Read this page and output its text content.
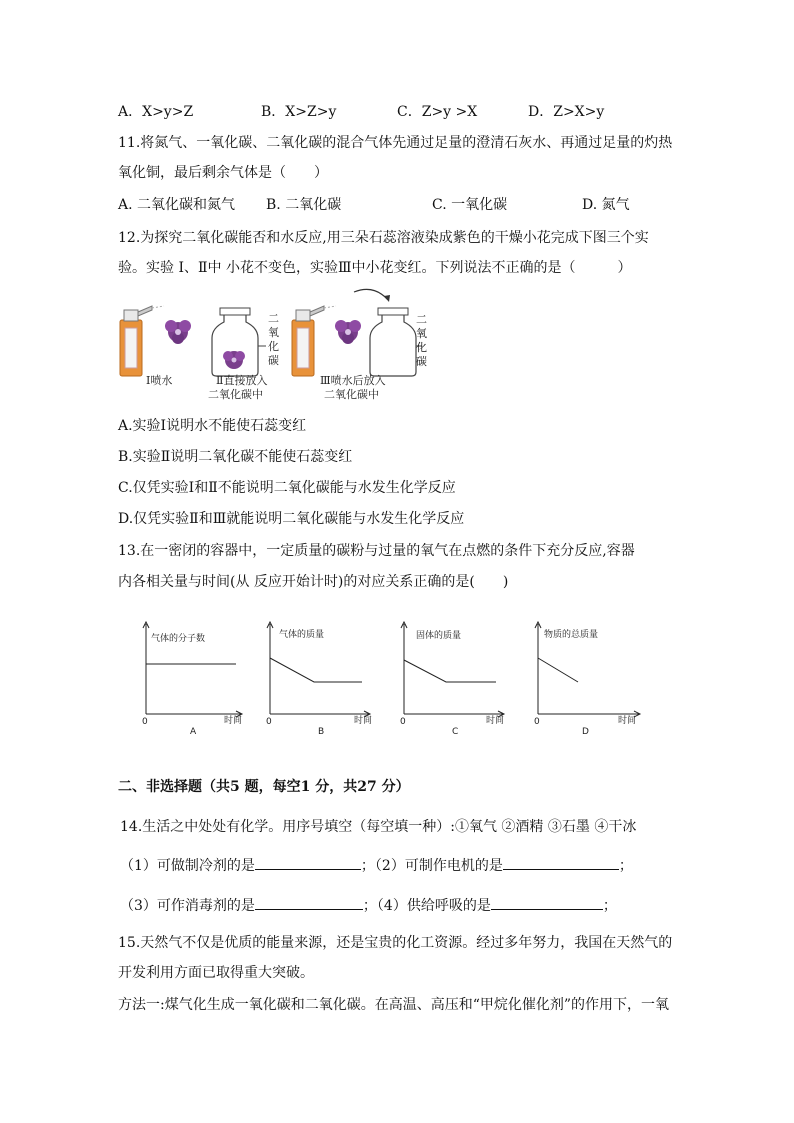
A．X>y>Z	B．X>Z>y	C．Z>y >X	D．Z>X>y
11.将氮气、一氧化碳、二氧化碳的混合气体先通过足量的澄清石灰水、再通过足量的灼热
氧化铜，最后剩余气体是（　　）
A. 二氧化碳和氮气 B. 二氧化碳	C. 一氧化碳	D. 氮气
12.为探究二氧化碳能否和水反应,用三朵石蕊溶液染成紫色的干燥小花完成下图三个实
验。实验 Ⅰ、Ⅱ中 小花不变色，实验Ⅲ中小花变红。下列说法不正确的是（　　　）
Ⅰ喷水
二
氧
化
碳
Ⅱ直接放入
二氧化碳中
Ⅲ喷水后放入
二氧化碳中
二
氧
化
碳
A.实验Ⅰ说明水不能使石蕊变红
B.实验Ⅱ说明二氧化碳不能使石蕊变红
C.仅凭实验Ⅰ和Ⅱ不能说明二氧化碳能与水发生化学反应
D.仅凭实验Ⅱ和Ⅲ就能说明二氧化碳能与水发生化学反应
13.在一密闭的容器中，一定质量的碳粉与过量的氧气在点燃的条件下充分反应,容器
内各相关量与时间(从 反应开始计时)的对应关系正确的是(　　)
气体的分子数
0	时间
A
气体的质量
0	时间
B
固体的质量
0	时间
C
物质的总质量
0	时间
D
二、非选择题（共5 题，每空1 分，共27 分）
14.生活之中处处有化学。用序号填空（每空填一种）:①氧气 ②酒精 ③石墨 ④干冰
（1）可做制冷剂的是	；（2）可制作电机的是	；
（3）可作消毒剂的是	；（4）供给呼吸的是	；
15.天然气不仅是优质的能量来源，还是宝贵的化工资源。经过多年努力，我国在天然气的
开发利用方面已取得重大突破。
方法一:煤气化生成一氧化碳和二氧化碳。在高温、高压和“甲烷化催化剂”的作用下，一氧
